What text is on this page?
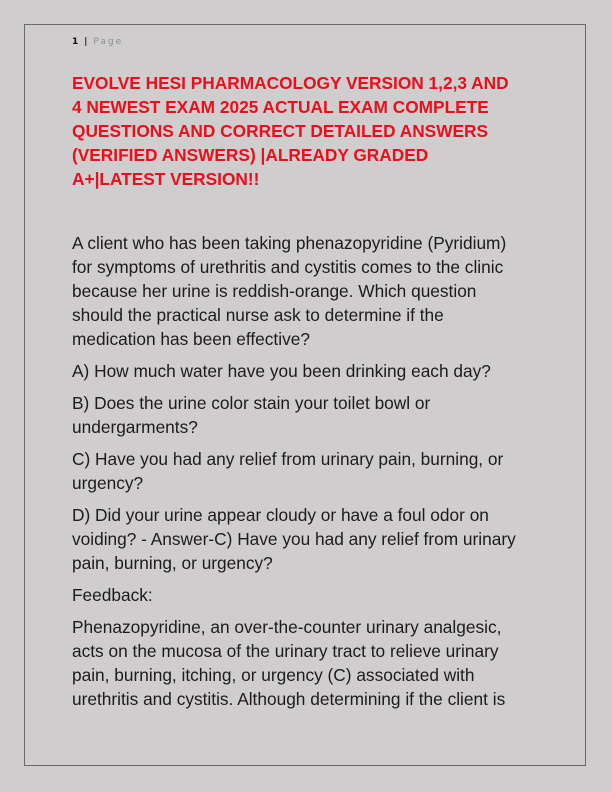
1 | Page
EVOLVE HESI PHARMACOLOGY VERSION 1,2,3 AND
4 NEWEST EXAM 2025 ACTUAL EXAM COMPLETE
QUESTIONS AND CORRECT DETAILED ANSWERS
(VERIFIED ANSWERS) |ALREADY GRADED
A+|LATEST VERSION!!

A client who has been taking phenazopyridine (Pyridium)
for symptoms of urethritis and cystitis comes to the clinic
because her urine is reddish-orange. Which question
should the practical nurse ask to determine if the
medication has been effective?

A) How much water have you been drinking each day?

B) Does the urine color stain your toilet bowl or
undergarments?

C) Have you had any relief from urinary pain, burning, or
urgency?

D) Did your urine appear cloudy or have a foul odor on
voiding? - Answer-C) Have you had any relief from urinary
pain, burning, or urgency?

Feedback:

Phenazopyridine, an over-the-counter urinary analgesic,
acts on the mucosa of the urinary tract to relieve urinary
pain, burning, itching, or urgency (C) associated with
urethritis and cystitis. Although determining if the client is
